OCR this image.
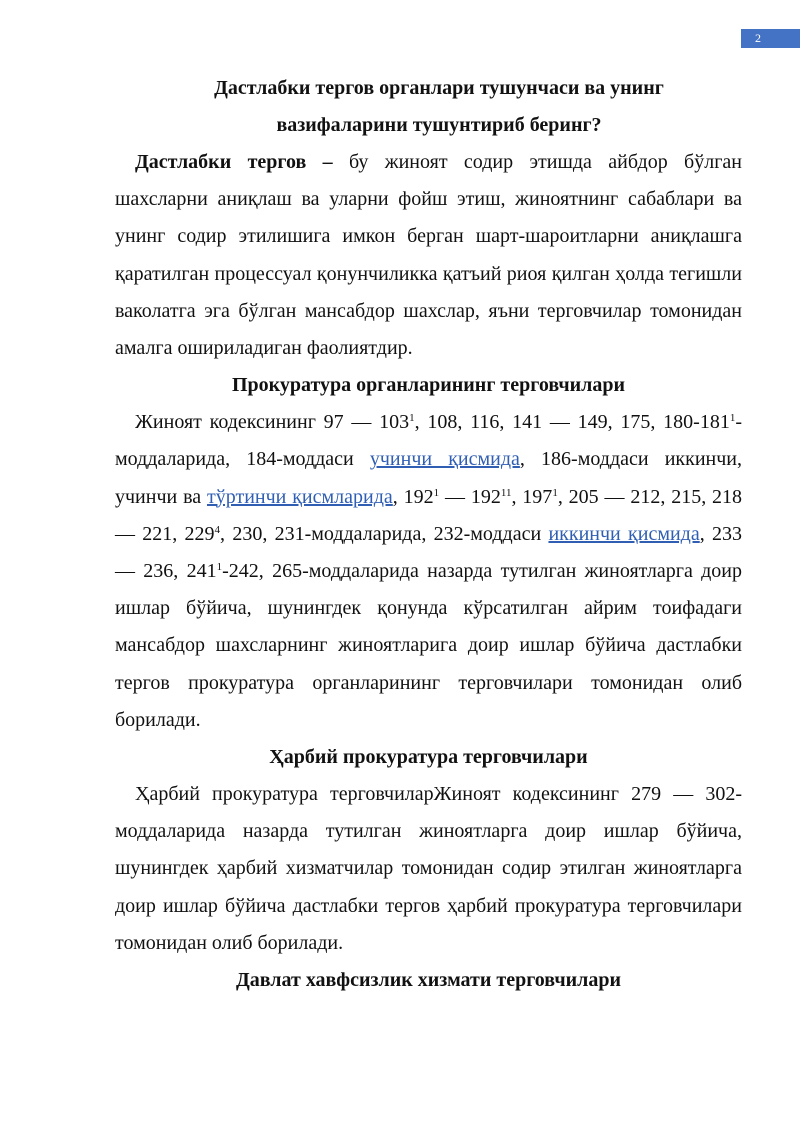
2

Дастлабки тергов органлари тушунчаси ва унинг

вазифаларини тушунтириб беринг?

Дастлабки тергов – бу жиноят содир этишда айбдор бўлган шахсларни аниқлаш ва уларни фойш этиш, жиноятнинг сабаблари ва унинг содир этилишига имкон берган шарт-шароитларни аниқлашга қаратилган процессуал қонунчиликка қатъий риоя қилган ҳолда тегишли ваколатга эга бўлган мансабдор шахслар, яъни терговчилар томонидан амалга ошириладиган фаолиятдир.

Прокуратура органларининг терговчилари

Жиноят кодексининг 97 — $103^1$, 108, 116, 141 — 149, 175, $180-181^1$-моддаларида, 184-моддаси учинчи қисмида, 186-моддаси иккинчи, учинчи ва тўртинчи қисмларида, $192^1$ — $192^{11}$, $197^1$, 205 — 212, 215, 218 — 221, $229^4$, 230, 231-моддаларида, 232-моддаси иккинчи қисмида, 233 — 236, $241^1-242$, 265-моддаларида назарда тутилган жиноятларга доир ишлар бўйича, шунингдек қонунда кўрсатилган айрим тоифадаги мансабдор шахсларнинг жиноятларига доир ишлар бўйича дастлабки тергов прокуратура органларининг терговчилари томонидан олиб борилади.

Ҳарбий прокуратура терговчилари

Ҳарбий прокуратура терговчиларЖиноят кодексининг 279 — 302-моддаларида назарда тутилган жиноятларга доир ишлар бўйича, шунингдек ҳарбий хизматчилар томонидан содир этилган жиноятларга доир ишлар бўйича дастлабки тергов ҳарбий прокуратура терговчилари томонидан олиб борилади.

Давлат хавфсизлик хизмати терговчилари
